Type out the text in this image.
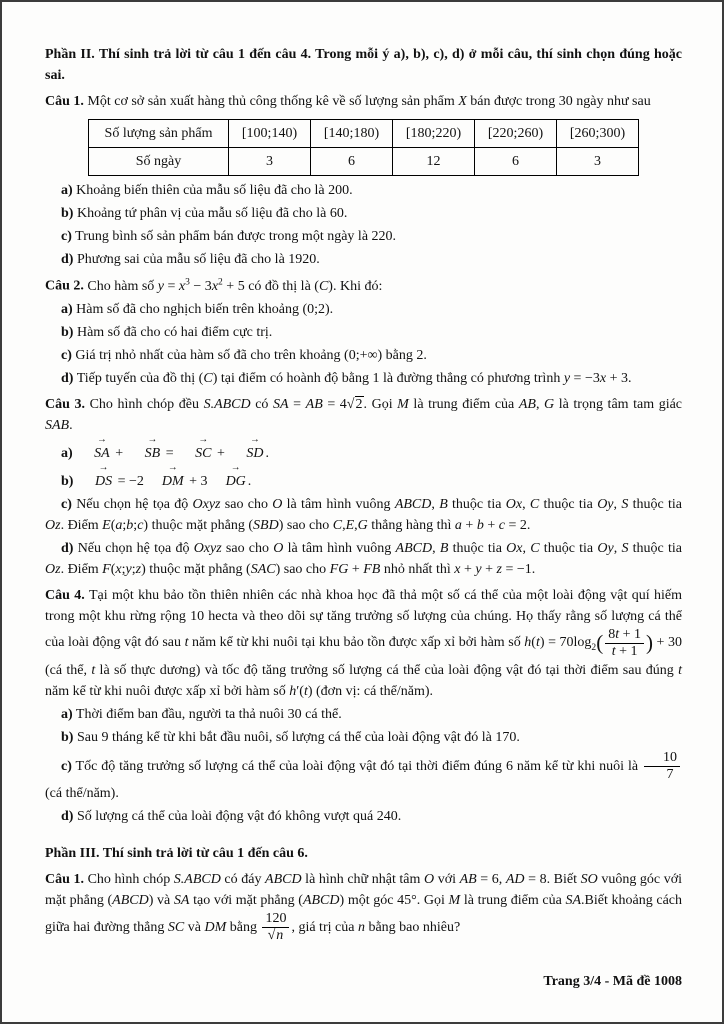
Phần II. Thí sinh trả lời từ câu 1 đến câu 4. Trong mỗi ý a), b), c), d) ở mỗi câu, thí sinh chọn đúng hoặc sai.

Câu 1. Một cơ sở sản xuất hàng thủ công thống kê về số lượng sản phẩm X bán được trong 30 ngày như sau

Số lượng sản phẩm	[100;140)	[140;180)	[180;220)	[220;260)	[260;300)
Số ngày	3	6	12	6	3

a) Khoảng biến thiên của mẫu số liệu đã cho là 200.

b) Khoảng tứ phân vị của mẫu số liệu đã cho là 60.

c) Trung bình số sản phẩm bán được trong một ngày là 220.

d) Phương sai của mẫu số liệu đã cho là 1920.

Câu 2. Cho hàm số $y = x^3 - 3x^2 + 5$ có đồ thị là (C). Khi đó:

a) Hàm số đã cho nghịch biến trên khoảng (0;2).

b) Hàm số đã cho có hai điểm cực trị.

c) Giá trị nhỏ nhất của hàm số đã cho trên khoảng (0;+∞) bằng 2.

d) Tiếp tuyến của đồ thị (C) tại điểm có hoành độ bằng 1 là đường thẳng có phương trình y = −3x + 3.

Câu 3. Cho hình chóp đều S.ABCD có SA = AB = 4√2. Gọi M là trung điểm của AB, G là trọng tâm tam giác SAB.

a) → SA + → SB = → SC + → SD .

b) → DS = −2 → DM + 3 → DG .

c) Nếu chọn hệ tọa độ Oxyz sao cho O là tâm hình vuông ABCD, B thuộc tia Ox, C thuộc tia Oy, S thuộc tia Oz. Điểm E(a;b;c) thuộc mặt phẳng (SBD) sao cho C,E,G thẳng hàng thì a + b + c = 2.

d) Nếu chọn hệ tọa độ Oxyz sao cho O là tâm hình vuông ABCD, B thuộc tia Ox, C thuộc tia Oy, S thuộc tia Oz. Điểm F(x;y;z) thuộc mặt phẳng (SAC) sao cho FG + FB nhỏ nhất thì x + y + z = −1.

Câu 4. Tại một khu bảo tồn thiên nhiên các nhà khoa học đã thả một số cá thể của một loài động vật quí hiếm trong một khu rừng rộng 10 hecta và theo dõi sự tăng trưởng số lượng của chúng. Họ thấy rằng số lượng cá thể của loài động vật đó sau t năm kể từ khi nuôi tại khu bảo tồn được xấp xỉ bởi hàm số $h(t) = 70\log_2( \frac{8t + 1}{t + 1}$ ) + 30 (cá thể, t là số thực dương) và tốc độ tăng trưởng số lượng cá thể của loài động vật đó tại thời điểm sau đúng t năm kể từ khi nuôi được xấp xỉ bởi hàm số h′(t) (đơn vị: cá thể/năm).

a) Thời điểm ban đầu, người ta thả nuôi 30 cá thể.

b) Sau 9 tháng kể từ khi bắt đầu nuôi, số lượng cá thể của loài động vật đó là 170.

c) Tốc độ tăng trưởng số lượng cá thể của loài động vật đó tại thời điểm đúng 6 năm kể từ khi nuôi là $\frac{10}{7}$
(cá thể/năm).

d) Số lượng cá thể của loài động vật đó không vượt quá 240.

Phần III. Thí sinh trả lời từ câu 1 đến câu 6.

Câu 1. Cho hình chóp S.ABCD có đáy ABCD là hình chữ nhật tâm O với AB = 6, AD = 8. Biết SO vuông góc với mặt phẳng (ABCD) và SA tạo với mặt phẳng (ABCD) một góc 45°. Gọi M là trung điểm của SA.Biết khoảng cách giữa hai đường thẳng SC và DM bằng $\frac{120}{√n}$ , giá trị của n bằng bao nhiêu?

Trang 3/4 - Mã đề 1008
